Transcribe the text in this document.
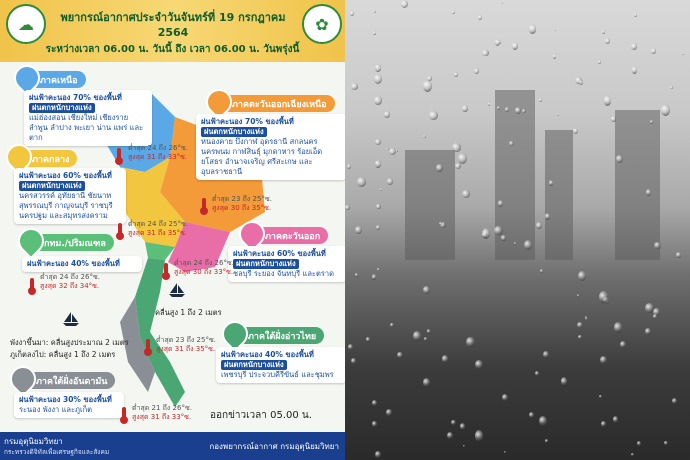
☁	พยากรณ์อากาศประจำวันจันทร์ที่ 19 กรกฎาคม 2564	✿
ระหว่างเวลา 06.00 น. วันนี้ ถึง เวลา 06.00 น. วันพรุ่งนี้
ภาคเหนือ
ฝนฟ้าคะนอง 70% ของพื้นที่
ฝนตกหนักบางแห่ง
แม่ฮ่องสอน เชียงใหม่ เชียงราย ลำพูน ลำปาง พะเยา น่าน แพร่ และตาก
ต่ำสุด 24 ถึง 26°ซ.
สูงสุด 31 ถึง 33°ซ.
ภาคตะวันออกเฉียงเหนือ
ฝนฟ้าคะนอง 70% ของพื้นที่
ฝนตกหนักบางแห่ง
หนองคาย บึงกาฬ อุดรธานี สกลนคร นครพนม กาฬสินธุ์ มุกดาหาร ร้อยเอ็ด ยโสธร อำนาจเจริญ ศรีสะเกษ และอุบลราชธานี
ต่ำสุด 23 ถึง 25°ซ.
สูงสุด 30 ถึง 35°ซ.
ภาคกลาง
ฝนฟ้าคะนอง 60% ของพื้นที่
ฝนตกหนักบางแห่ง
นครสวรรค์ อุทัยธานี ชัยนาท สุพรรณบุรี กาญจนบุรี ราชบุรี นครปฐม และสมุทรสงคราม
ต่ำสุด 24 ถึง 25°ซ.
สูงสุด 31 ถึง 35°ซ.
กทม./ปริมณฑล
ฝนฟ้าคะนอง 40% ของพื้นที่
ต่ำสุด 24 ถึง 26°ซ.
สูงสุด 32 ถึง 34°ซ.
ภาคตะวันออก
ฝนฟ้าคะนอง 60% ของพื้นที่
ฝนตกหนักบางแห่ง
ชลบุรี ระยอง จันทบุรี และตราด
ต่ำสุด 24 ถึง 26°ซ.
สูงสุด 30 ถึง 33°ซ.
คลื่นสูง 1 ถึง 2 เมตร
พังงาขึ้นมา: คลื่นสูงประมาณ 2 เมตร
ภูเก็ตลงไป: คลื่นสูง 1 ถึง 2 เมตร
ภาคใต้ฝั่งอ่าวไทย
ฝนฟ้าคะนอง 40% ของพื้นที่
ฝนตกหนักบางแห่ง
เพชรบุรี ประจวบคีรีขันธ์ และชุมพร
ต่ำสุด 23 ถึง 25°ซ.
สูงสุด 31 ถึง 35°ซ.
ภาคใต้ฝั่งอันดามัน
ฝนฟ้าคะนอง 30% ของพื้นที่
ระนอง พังงา และภูเก็ต	ต่ำสุด 21 ถึง 26°ซ.
สูงสุด 31 ถึง 33°ซ. ออกข่าวเวลา 05.00 น.
กรมอุตุนิยมวิทยา
กระทรวงดิจิทัลเพื่อเศรษฐกิจและสังคม
กองพยากรณ์อากาศ กรมอุตุนิยมวิทยา
